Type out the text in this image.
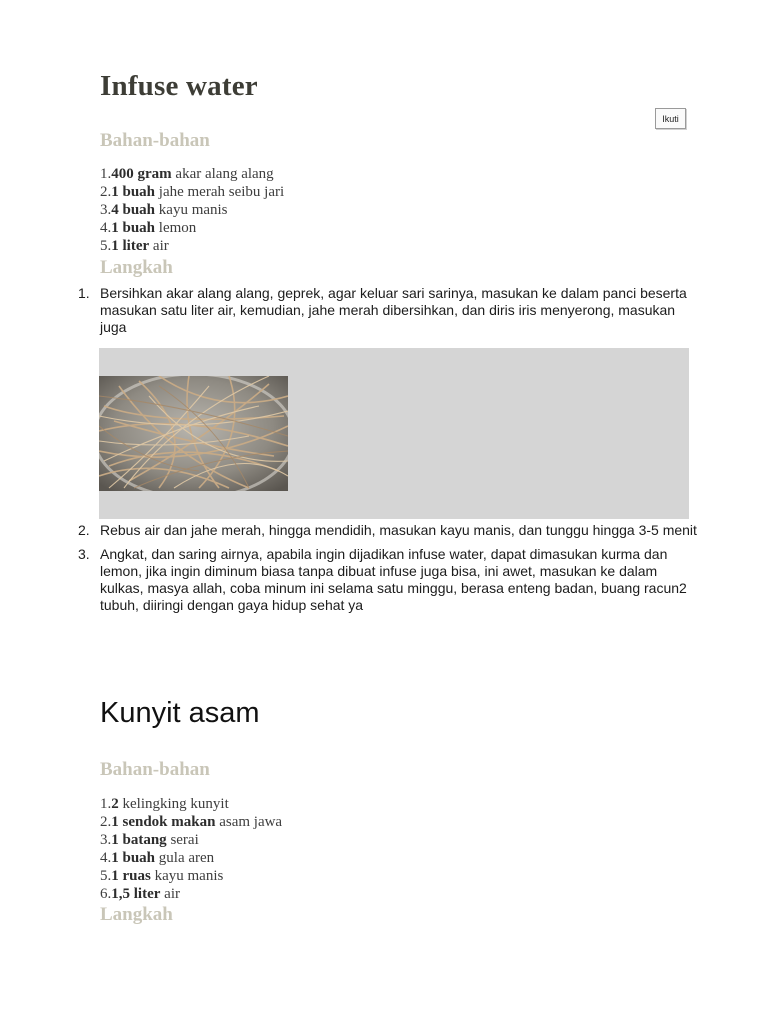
Infuse water
Ikuti
Bahan-bahan
1.400 gram akar alang alang
2.1 buah jahe merah seibu jari
3.4 buah kayu manis
4.1 buah lemon
5.1 liter air
Langkah
1. Bersihkan akar alang alang, geprek, agar keluar sari sarinya, masukan ke dalam panci beserta masukan satu liter air, kemudian, jahe merah dibersihkan, dan diris iris menyerong, masukan juga
2. Rebus air dan jahe merah, hingga mendidih, masukan kayu manis, dan tunggu hingga 3-5 menit
3. Angkat, dan saring airnya, apabila ingin dijadikan infuse water, dapat dimasukan kurma dan lemon, jika ingin diminum biasa tanpa dibuat infuse juga bisa, ini awet, masukan ke dalam kulkas, masya allah, coba minum ini selama satu minggu, berasa enteng badan, buang racun2 tubuh, diiringi dengan gaya hidup sehat ya
Kunyit asam
Bahan-bahan
1.2 kelingking kunyit
2.1 sendok makan asam jawa
3.1 batang serai
4.1 buah gula aren
5.1 ruas kayu manis
6.1,5 liter air
Langkah
